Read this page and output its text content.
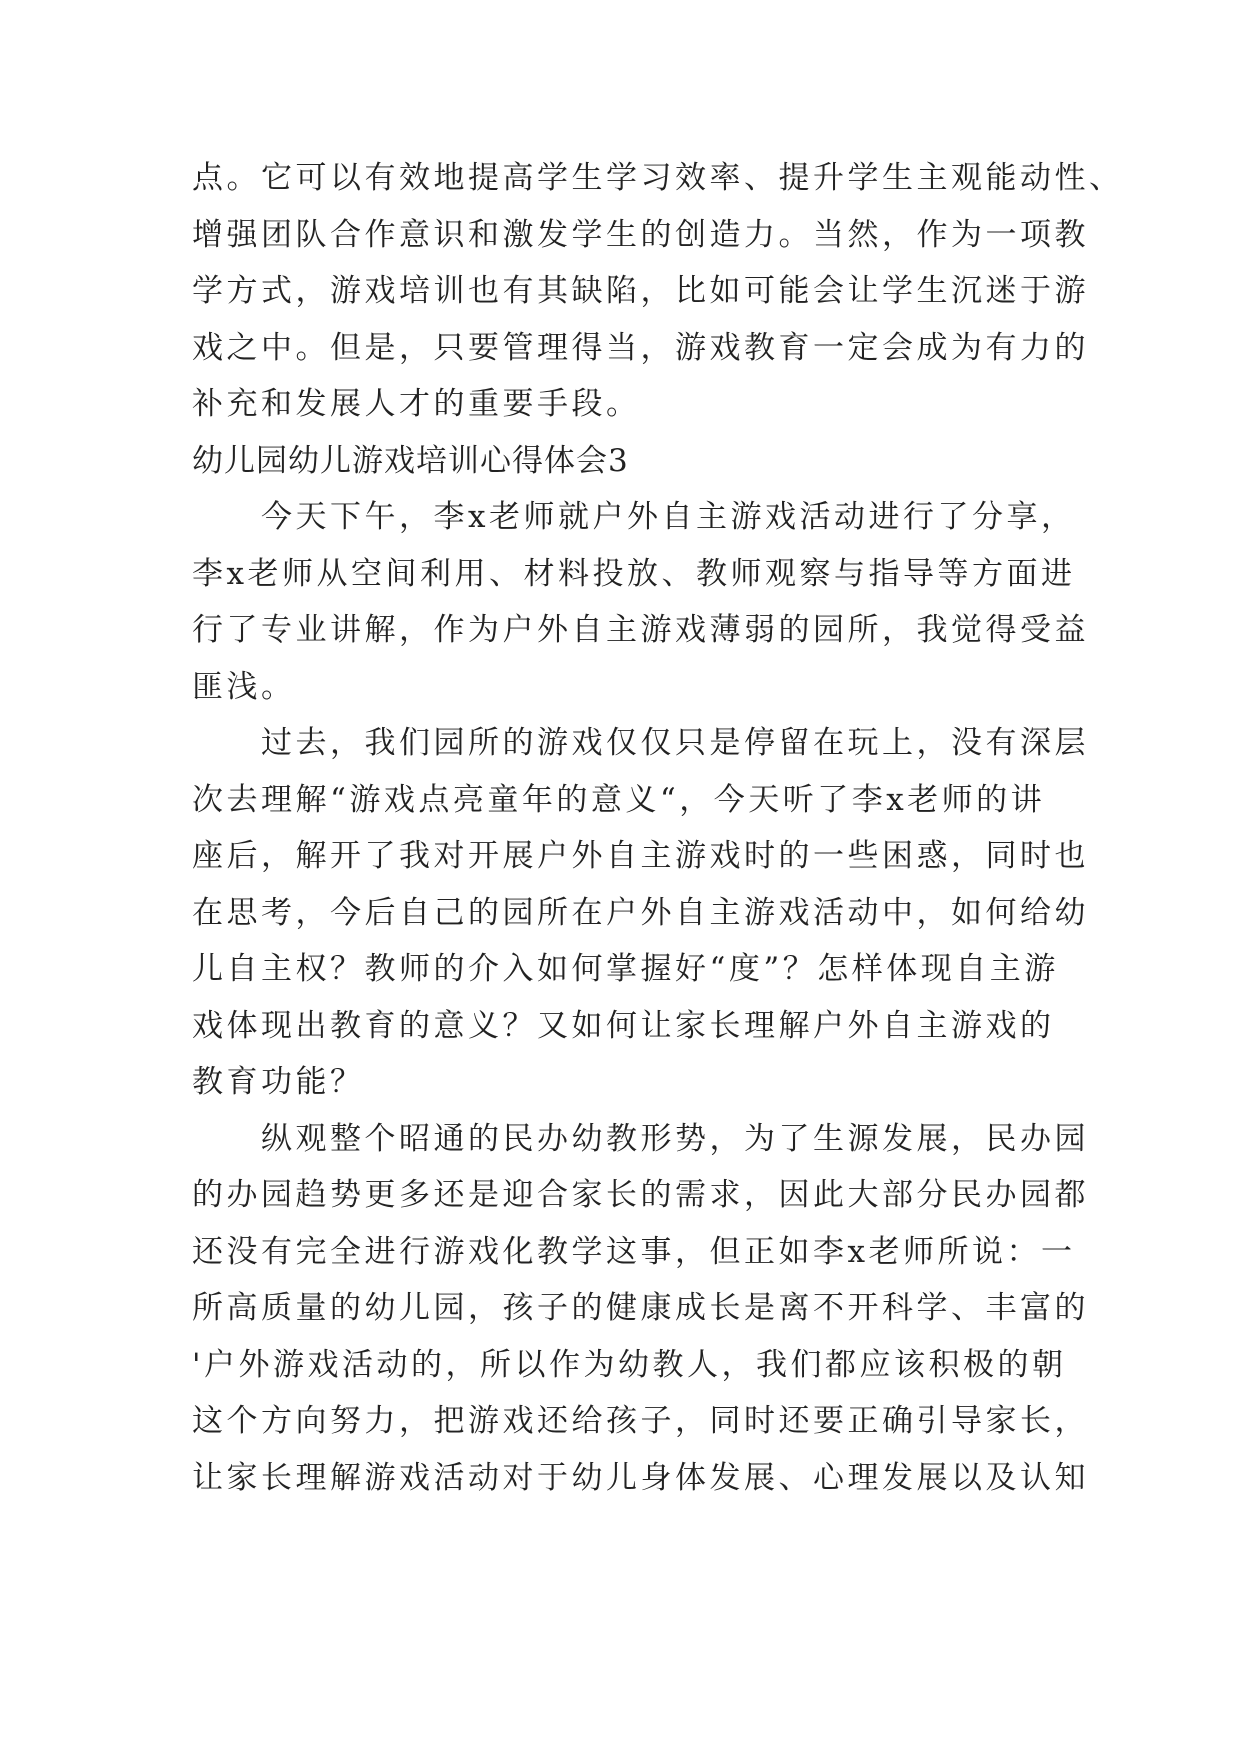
点。它可以有效地提高学生学习效率、提升学生主观能动性、
增强团队合作意识和激发学生的创造力。当然，作为一项教
学方式，游戏培训也有其缺陷，比如可能会让学生沉迷于游
戏之中。但是，只要管理得当，游戏教育一定会成为有力的
补充和发展人才的重要手段。
幼儿园幼儿游戏培训心得体会3
　　今天下午，李x老师就户外自主游戏活动进行了分享，
李x老师从空间利用、材料投放、教师观察与指导等方面进
行了专业讲解，作为户外自主游戏薄弱的园所，我觉得受益
匪浅。
　　过去，我们园所的游戏仅仅只是停留在玩上，没有深层
次去理解“游戏点亮童年的意义“，今天听了李x老师的讲
座后，解开了我对开展户外自主游戏时的一些困惑，同时也
在思考，今后自己的园所在户外自主游戏活动中，如何给幼
儿自主权？教师的介入如何掌握好“度”？怎样体现自主游
戏体现出教育的意义？又如何让家长理解户外自主游戏的
教育功能？
　　纵观整个昭通的民办幼教形势，为了生源发展，民办园
的办园趋势更多还是迎合家长的需求，因此大部分民办园都
还没有完全进行游戏化教学这事，但正如李x老师所说：一
所高质量的幼儿园，孩子的健康成长是离不开科学、丰富的
'户外游戏活动的，所以作为幼教人，我们都应该积极的朝
这个方向努力，把游戏还给孩子，同时还要正确引导家长，
让家长理解游戏活动对于幼儿身体发展、心理发展以及认知
